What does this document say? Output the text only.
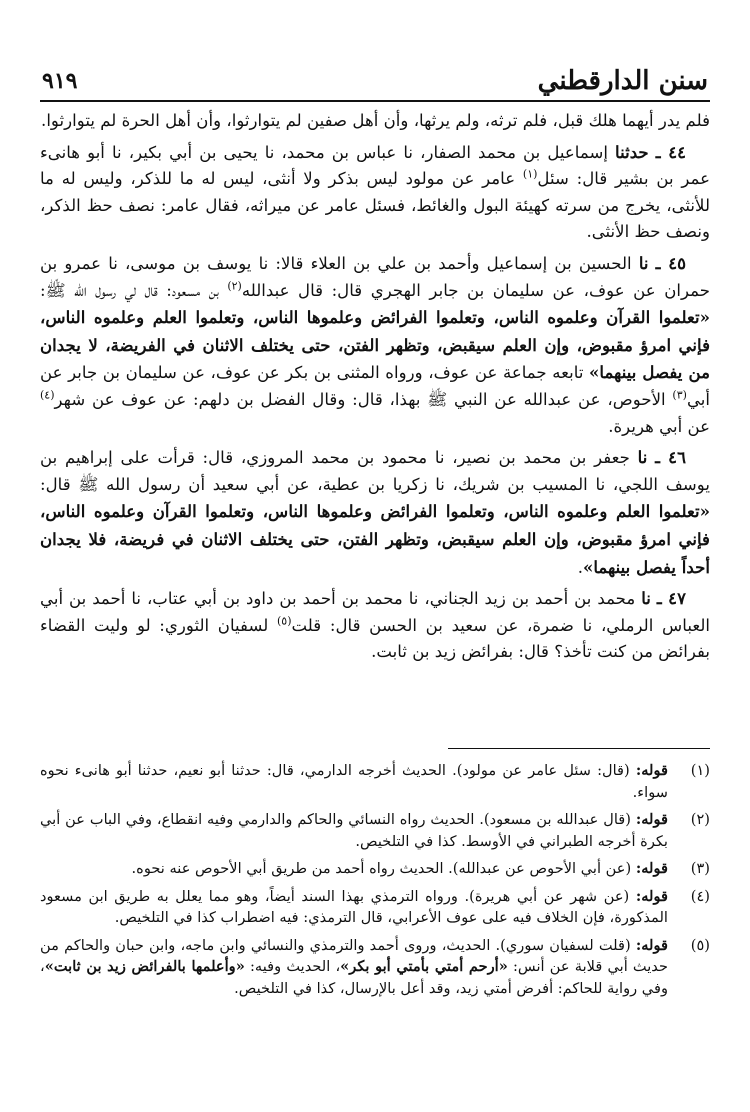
سنن الدارقطني
٩١٩

فلم يدر أيهما هلك قبل، فلم ترثه، ولم يرثها، وأن أهل صفين لم يتوارثوا، وأن أهل الحرة لم يتوارثوا.

٤٤ ـ حدثنا إسماعيل بن محمد الصفار، نا عباس بن محمد، نا يحيى بن أبي بكير، نا أبو هانىء عمر بن بشير قال: سئل$^{(١)}$ عامر عن مولود ليس بذكر ولا أنثى، ليس له ما للذكر، وليس له ما للأنثى، يخرج من سرته كهيئة البول والغائط، فسئل عامر عن ميراثه، فقال عامر: نصف حظ الذكر، ونصف حظ الأنثى.

٤٥ ـ نا الحسين بن إسماعيل وأحمد بن علي بن العلاء قالا: نا يوسف بن موسى، نا عمرو بن حمران عن عوف، عن سليمان بن جابر الهجري قال: قال عبدالله$^{(٢)}$ بن مسعود: قال لي رسول الله ﷺ: «تعلموا القرآن وعلموه الناس، وتعلموا الفرائض وعلموها الناس، وتعلموا العلم وعلموه الناس، فإني امرؤ مقبوض، وإن العلم سيقبض، وتظهر الفتن، حتى يختلف الاثنان في الفريضة، لا يجدان من يفصل بينهما» تابعه جماعة عن عوف، ورواه المثنى بن بكر عن عوف، عن سليمان بن جابر عن أبي$^{(٣)}$ الأحوص، عن عبدالله عن النبي ﷺ بهذا، قال: وقال الفضل بن دلهم: عن عوف عن شهر$^{(٤)}$ عن أبي هريرة.

٤٦ ـ نا جعفر بن محمد بن نصير، نا محمود بن محمد المروزي، قال: قرأت على إبراهيم بن يوسف اللجي، نا المسيب بن شريك، نا زكريا بن عطية، عن أبي سعيد أن رسول الله ﷺ قال: «تعلموا العلم وعلموه الناس، وتعلموا الفرائض وعلموها الناس، وتعلموا القرآن وعلموه الناس، فإني امرؤ مقبوض، وإن العلم سيقبض، وتظهر الفتن، حتى يختلف الاثنان في فريضة، فلا يجدان أحداً يفصل بينهما».

٤٧ ـ نا محمد بن أحمد بن زيد الجناني، نا محمد بن أحمد بن داود بن أبي عتاب، نا أحمد بن أبي العباس الرملي، نا ضمرة، عن سعيد بن الحسن قال: قلت$^{(٥)}$ لسفيان الثوري: لو وليت القضاء بفرائض من كنت تأخذ؟ قال: بفرائض زيد بن ثابت.

(١)
قوله: (قال: سئل عامر عن مولود). الحديث أخرجه الدارمي، قال: حدثنا أبو نعيم، حدثنا أبو هانىء نحوه سواء.
(٢)
قوله: (قال عبدالله بن مسعود). الحديث رواه النسائي والحاكم والدارمي وفيه انقطاع، وفي الباب عن أبي بكرة أخرجه الطبراني في الأوسط. كذا في التلخيص.
(٣)
قوله: (عن أبي الأحوص عن عبدالله). الحديث رواه أحمد من طريق أبي الأحوص عنه نحوه.
(٤)
قوله: (عن شهر عن أبي هريرة). ورواه الترمذي بهذا السند أيضاً، وهو مما يعلل به طريق ابن مسعود المذكورة، فإن الخلاف فيه على عوف الأعرابي، قال الترمذي: فيه اضطراب كذا في التلخيص.
(٥)
قوله: (قلت لسفيان سوري). الحديث، وروى أحمد والترمذي والنسائي وابن ماجه، وابن حبان والحاكم من حديث أبي قلابة عن أنس: «أرحم أمتي بأمتي أبو بكر»، الحديث وفيه: «وأعلمها بالفرائض زيد بن ثابت»، وفي رواية للحاكم: أفرض أمتي زيد، وقد أعل بالإرسال، كذا في التلخيص.
